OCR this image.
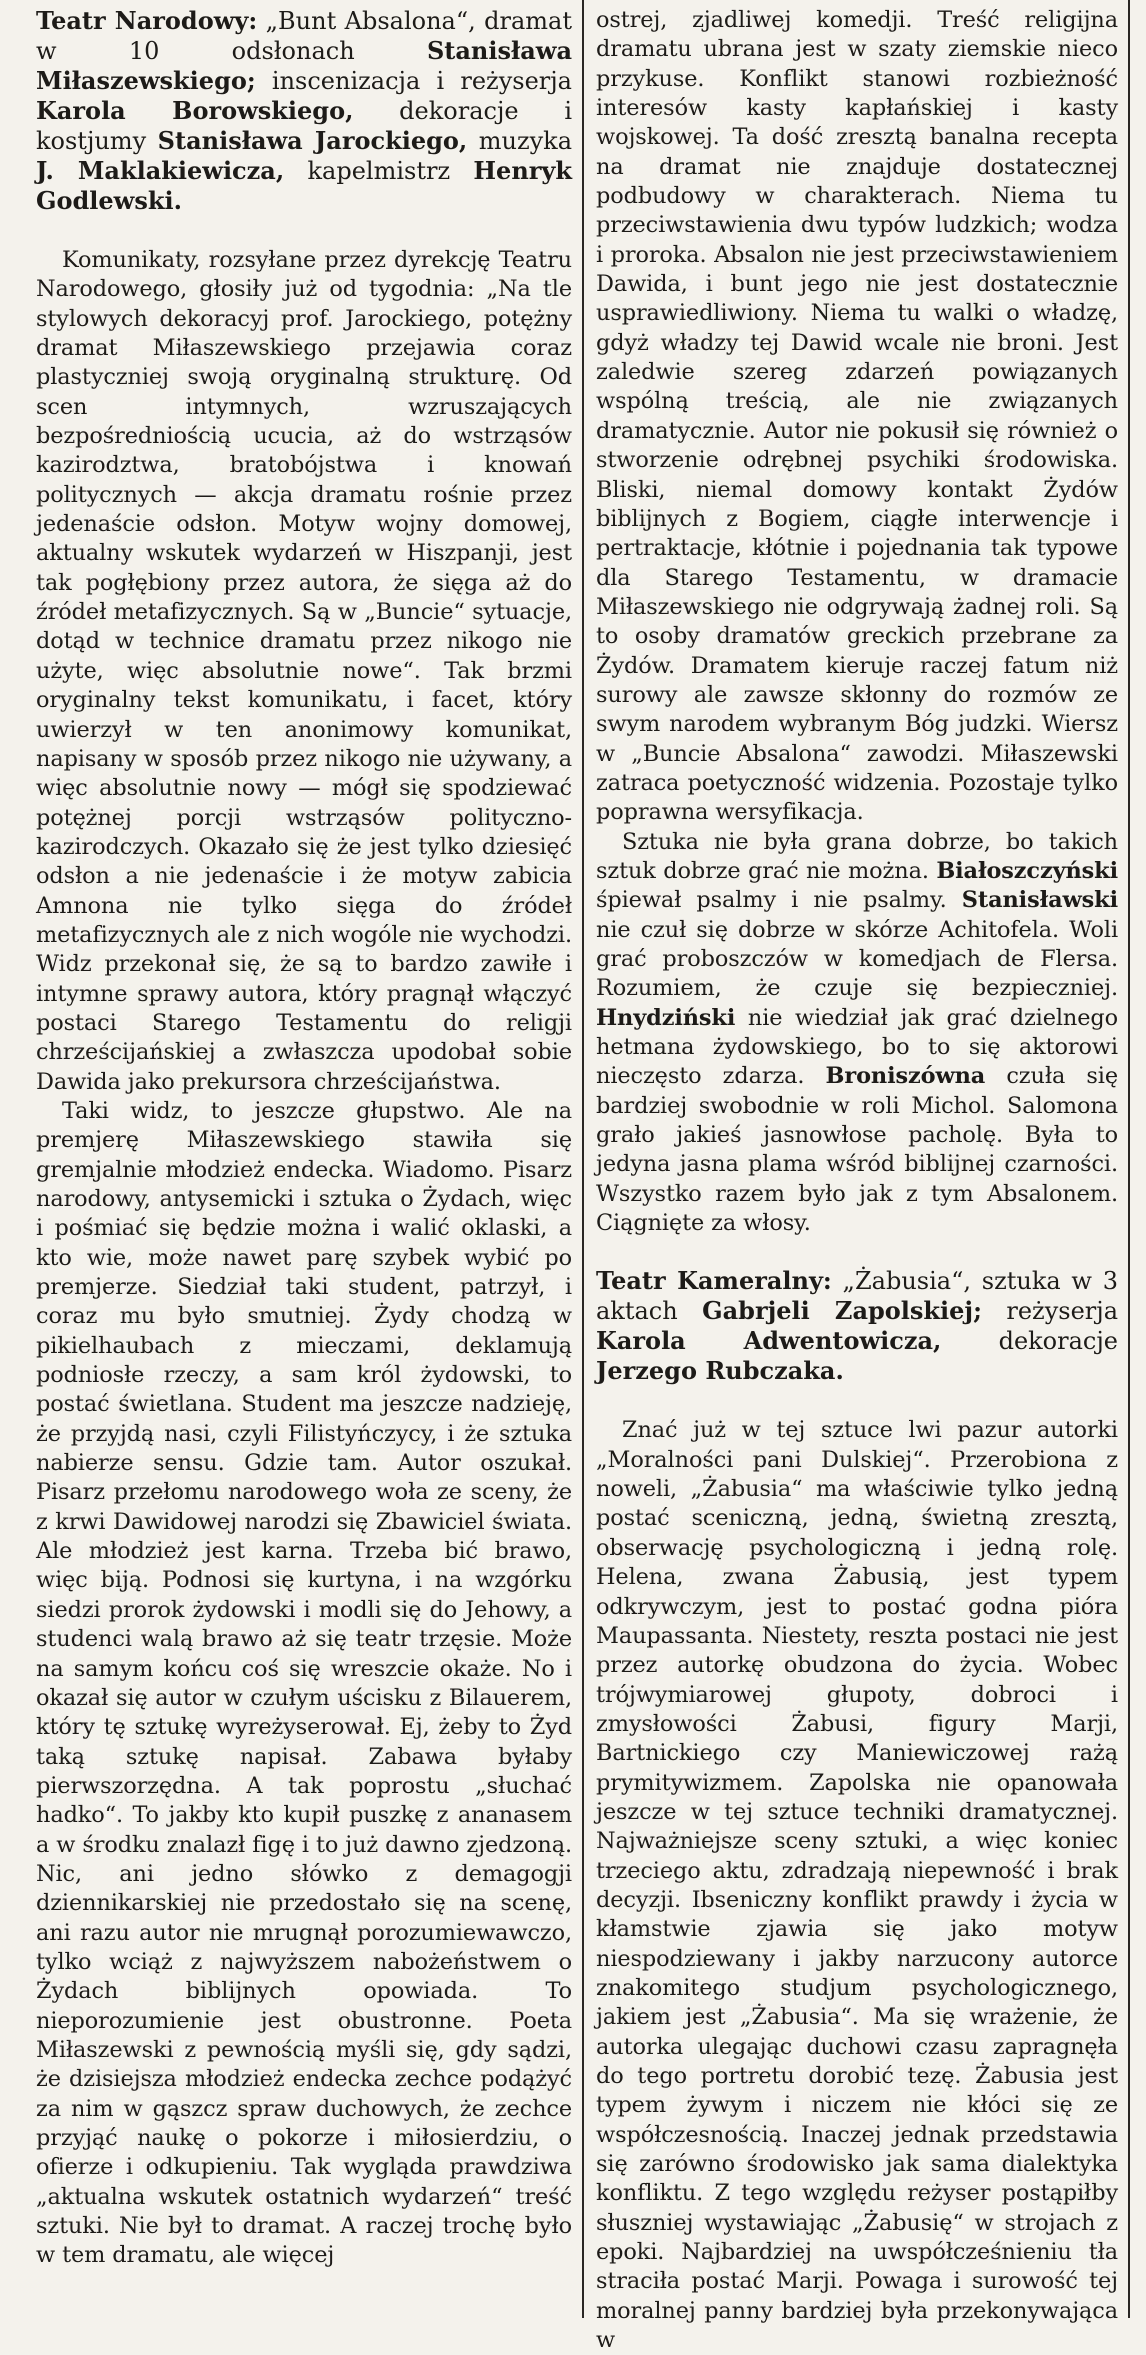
Teatr Narodowy: „Bunt Absalona“, dramat w 10 odsłonach Stanisława Miłaszewskiego; inscenizacja i reżyserja Karola Borowskiego, dekoracje i kostjumy Stanisława Jarockiego, muzyka J. Maklakiewicza, kapelmistrz Henryk Godlewski.

Komunikaty, rozsyłane przez dyrekcję Teatru Narodowego, głosiły już od tygodnia: „Na tle stylowych dekoracyj prof. Jarockiego, potężny dramat Miłaszewskiego przejawia coraz plastyczniej swoją oryginalną strukturę. Od scen intymnych, wzruszających bezpośredniością ucucia, aż do wstrząsów kazirodztwa, bratobójstwa i knowań politycznych — akcja dramatu rośnie przez jedenaście odsłon. Motyw wojny domowej, aktualny wskutek wydarzeń w Hiszpanji, jest tak pogłębiony przez autora, że sięga aż do źródeł metafizycznych. Są w „Buncie“ sytuacje, dotąd w technice dramatu przez nikogo nie użyte, więc absolutnie nowe“. Tak brzmi oryginalny tekst komunikatu, i facet, który uwierzył w ten anonimowy komunikat, napisany w sposób przez nikogo nie używany, a więc absolutnie nowy — mógł się spodziewać potężnej porcji wstrząsów polityczno-kazirodczych. Okazało się że jest tylko dziesięć odsłon a nie jedenaście i że motyw zabicia Amnona nie tylko sięga do źródeł metafizycznych ale z nich wogóle nie wychodzi. Widz przekonał się, że są to bardzo zawiłe i intymne sprawy autora, który pragnął włączyć postaci Starego Testamentu do religji chrześcijańskiej a zwłaszcza upodobał sobie Dawida jako prekursora chrześcijaństwa.

Taki widz, to jeszcze głupstwo. Ale na premjerę Miłaszewskiego stawiła się gremjalnie młodzież endecka. Wiadomo. Pisarz narodowy, antysemicki i sztuka o Żydach, więc i pośmiać się będzie można i walić oklaski, a kto wie, może nawet parę szybek wybić po premjerze. Siedział taki student, patrzył, i coraz mu było smutniej. Żydy chodzą w pikielhaubach z mieczami, deklamują podniosłe rzeczy, a sam król żydowski, to postać świetlana. Student ma jeszcze nadzieję, że przyjdą nasi, czyli Filistyńczycy, i że sztuka nabierze sensu. Gdzie tam. Autor oszukał. Pisarz przełomu narodowego woła ze sceny, że z krwi Dawidowej narodzi się Zbawiciel świata. Ale młodzież jest karna. Trzeba bić brawo, więc biją. Podnosi się kurtyna, i na wzgórku siedzi prorok żydowski i modli się do Jehowy, a studenci walą brawo aż się teatr trzęsie. Może na samym końcu coś się wreszcie okaże. No i okazał się autor w czułym uścisku z Bilauerem, który tę sztukę wyreżyserował. Ej, żeby to Żyd taką sztukę napisał. Zabawa byłaby pierwszorzędna. A tak poprostu „słuchać hadko“. To jakby kto kupił puszkę z ananasem a w środku znalazł figę i to już dawno zjedzoną. Nic, ani jedno słówko z demagogji dziennikarskiej nie przedostało się na scenę, ani razu autor nie mrugnął porozumiewawczo, tylko wciąż z najwyższem nabożeństwem o Żydach biblijnych opowiada. To nieporozumienie jest obustronne. Poeta Miłaszewski z pewnością myśli się, gdy sądzi, że dzisiejsza młodzież endecka zechce podążyć za nim w gąszcz spraw duchowych, że zechce przyjąć naukę o pokorze i miłosierdziu, o ofierze i odkupieniu. Tak wygląda prawdziwa „aktualna wskutek ostatnich wydarzeń“ treść sztuki. Nie był to dramat. A raczej trochę było w tem dramatu, ale więcej

ostrej, zjadliwej komedji. Treść religijna dramatu ubrana jest w szaty ziemskie nieco przykuse. Konflikt stanowi rozbieżność interesów kasty kapłańskiej i kasty wojskowej. Ta dość zresztą banalna recepta na dramat nie znajduje dostatecznej podbudowy w charakterach. Niema tu przeciwstawienia dwu typów ludzkich; wodza i proroka. Absalon nie jest przeciwstawieniem Dawida, i bunt jego nie jest dostatecznie usprawiedliwiony. Niema tu walki o władzę, gdyż władzy tej Dawid wcale nie broni. Jest zaledwie szereg zdarzeń powiązanych wspólną treścią, ale nie związanych dramatycznie. Autor nie pokusił się również o stworzenie odrębnej psychiki środowiska. Bliski, niemal domowy kontakt Żydów biblijnych z Bogiem, ciągłe interwencje i pertraktacje, kłótnie i pojednania tak typowe dla Starego Testamentu, w dramacie Miłaszewskiego nie odgrywają żadnej roli. Są to osoby dramatów greckich przebrane za Żydów. Dramatem kieruje raczej fatum niż surowy ale zawsze skłonny do rozmów ze swym narodem wybranym Bóg judzki. Wiersz w „Buncie Absalona“ zawodzi. Miłaszewski zatraca poetyczność widzenia. Pozostaje tylko poprawna wersyfikacja.

Sztuka nie była grana dobrze, bo takich sztuk dobrze grać nie można. Białoszczyński śpiewał psalmy i nie psalmy. Stanisławski nie czuł się dobrze w skórze Achitofela. Woli grać proboszczów w komedjach de Flersa. Rozumiem, że czuje się bezpieczniej. Hnydziński nie wiedział jak grać dzielnego hetmana żydowskiego, bo to się aktorowi nieczęsto zdarza. Broniszówna czuła się bardziej swobodnie w roli Michol. Salomona grało jakieś jasnowłose pacholę. Była to jedyna jasna plama wśród biblijnej czarności. Wszystko razem było jak z tym Absalonem. Ciągnięte za włosy.

Teatr Kameralny: „Żabusia“, sztuka w 3 aktach Gabrjeli Zapolskiej; reżyserja Karola Adwentowicza, dekoracje Jerzego Rubczaka.

Znać już w tej sztuce lwi pazur autorki „Moralności pani Dulskiej“. Przerobiona z noweli, „Żabusia“ ma właściwie tylko jedną postać sceniczną, jedną, świetną zresztą, obserwację psychologiczną i jedną rolę. Helena, zwana Żabusią, jest typem odkrywczym, jest to postać godna pióra Maupassanta. Niestety, reszta postaci nie jest przez autorkę obudzona do życia. Wobec trójwymiarowej głupoty, dobroci i zmysłowości Żabusi, figury Marji, Bartnickiego czy Maniewiczowej rażą prymitywizmem. Zapolska nie opanowała jeszcze w tej sztuce techniki dramatycznej. Najważniejsze sceny sztuki, a więc koniec trzeciego aktu, zdradzają niepewność i brak decyzji. Ibseniczny konflikt prawdy i życia w kłamstwie zjawia się jako motyw niespodziewany i jakby narzucony autorce znakomitego studjum psychologicznego, jakiem jest „Żabusia“. Ma się wrażenie, że autorka ulegając duchowi czasu zapragnęła do tego portretu dorobić tezę. Żabusia jest typem żywym i niczem nie kłóci się ze współczesnością. Inaczej jednak przedstawia się zarówno środowisko jak sama dialektyka konfliktu. Z tego względu reżyser postąpiłby słuszniej wystawiając „Żabusię“ w strojach z epoki. Najbardziej na uwspółcześnieniu tła straciła postać Marji. Powaga i surowość tej moralnej panny bardziej była przekonywająca w
